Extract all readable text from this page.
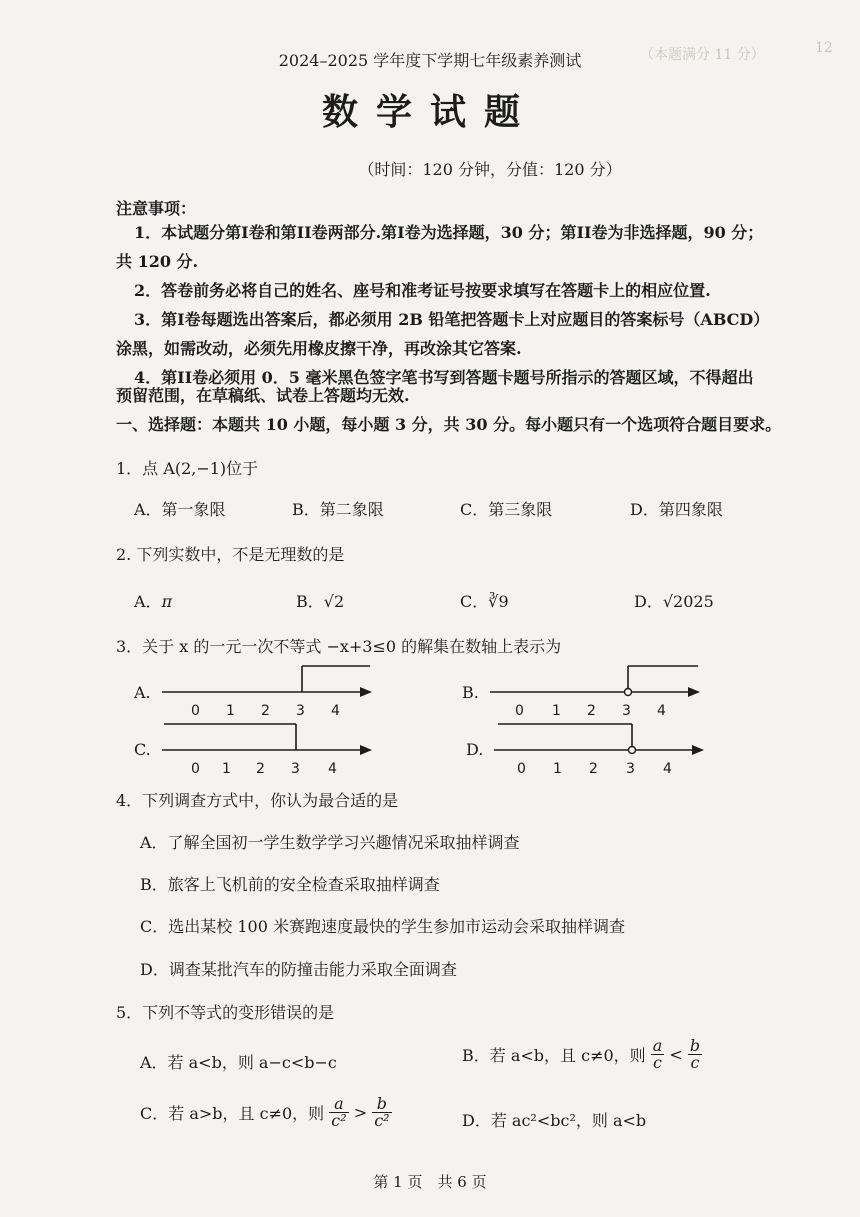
12
（本题满分 11 分）
2024–2025 学年度下学期七年级素养测试
数学试题
（时间：120 分钟，分值：120 分）
注意事项：
1．本试题分第I卷和第II卷两部分.第I卷为选择题，30 分；第II卷为非选择题，90 分；
共 120 分.
2．答卷前务必将自己的姓名、座号和准考证号按要求填写在答题卡上的相应位置.
3．第I卷每题选出答案后，都必须用 2B 铅笔把答题卡上对应题目的答案标号（ABCD）
涂黑，如需改动，必须先用橡皮擦干净，再改涂其它答案.
4．第II卷必须用 0．5 毫米黑色签字笔书写到答题卡题号所指示的答题区域，不得超出
预留范围，在草稿纸、试卷上答题均无效.
一、选择题：本题共 10 小题，每小题 3 分，共 30 分。每小题只有一个选项符合题目要求。
1．点 A(2,−1)位于
A．第一象限	B．第二象限	C．第三象限	D．第四象限
2. 下列实数中，不是无理数的是
A．π	B．√2	C．∛9	D．√2025
3．关于 x 的一元一次不等式 −x+3≤0 的解集在数轴上表示为
A.
0 1 2 3 4
B.
0 1 2 3 4
C.
0 1 2 3 4
D.
0 1 2 3 4
4．下列调查方式中，你认为最合适的是
A．了解全国初一学生数学学习兴趣情况采取抽样调查
B．旅客上飞机前的安全检查采取抽样调查
C．选出某校 100 米赛跑速度最快的学生参加市运动会采取抽样调查
D．调查某批汽车的防撞击能力采取全面调查
5．下列不等式的变形错误的是
A．若 a<b，则 a−c<b−c	B．若 a<b，且 c≠0，则 $\frac{a}{c} < \frac{b}{c}$
C．若 a>b，且 c≠0，则 $\frac{a}{\text{c²}} > \frac{b}{\text{c²}}$	D．若 ac²<bc²，则 a<b
第 1 页　共 6 页
